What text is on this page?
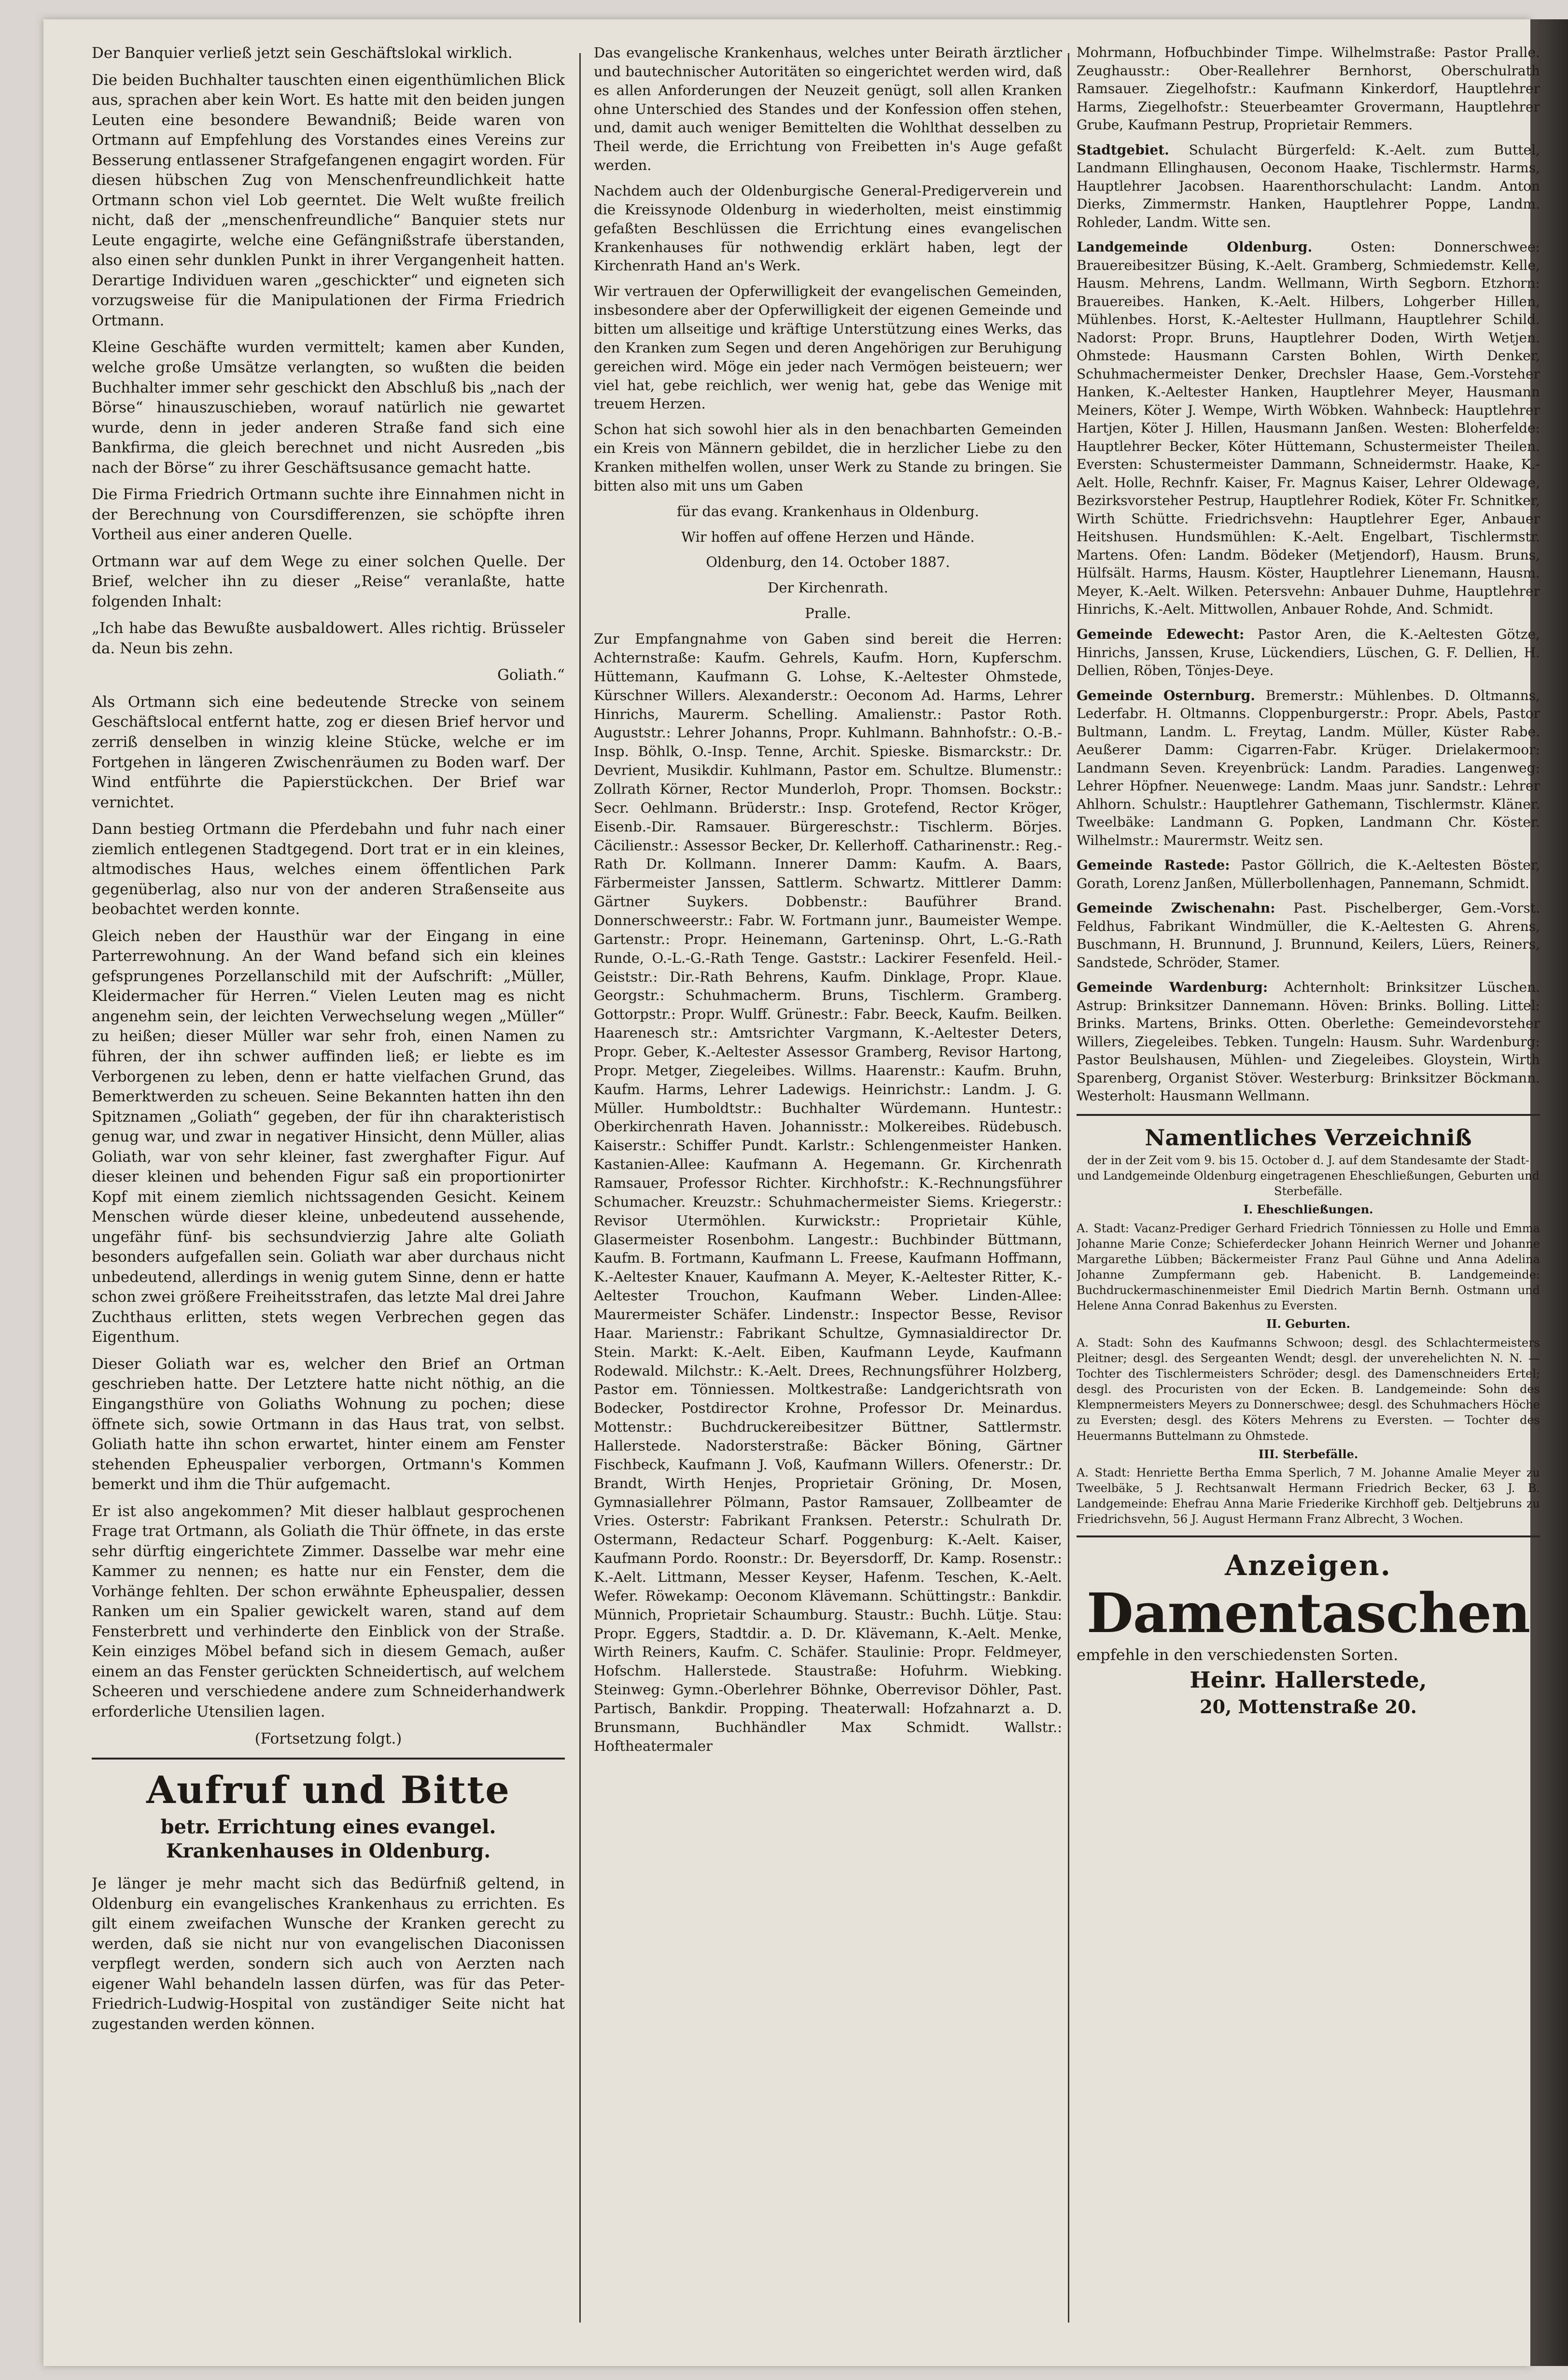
Der Banquier verließ jetzt sein Geschäftslokal wirklich.

Die beiden Buchhalter tauschten einen eigenthümlichen Blick aus, sprachen aber kein Wort. Es hatte mit den beiden jungen Leuten eine besondere Bewandniß; Beide waren von Ortmann auf Empfehlung des Vorstandes eines Vereins zur Besserung entlassener Strafgefangenen engagirt worden. Für diesen hübschen Zug von Menschenfreundlichkeit hatte Ortmann schon viel Lob geerntet. Die Welt wußte freilich nicht, daß der „menschenfreundliche“ Banquier stets nur Leute engagirte, welche eine Gefängnißstrafe überstanden, also einen sehr dunklen Punkt in ihrer Vergangenheit hatten. Derartige Individuen waren „geschickter“ und eigneten sich vorzugsweise für die Manipulationen der Firma Friedrich Ortmann.

Kleine Geschäfte wurden vermittelt; kamen aber Kunden, welche große Umsätze verlangten, so wußten die beiden Buchhalter immer sehr geschickt den Abschluß bis „nach der Börse“ hinauszuschieben, worauf natürlich nie gewartet wurde, denn in jeder anderen Straße fand sich eine Bankfirma, die gleich berechnet und nicht Ausreden „bis nach der Börse“ zu ihrer Geschäftsusance gemacht hatte.

Die Firma Friedrich Ortmann suchte ihre Einnahmen nicht in der Berechnung von Coursdifferenzen, sie schöpfte ihren Vortheil aus einer anderen Quelle.

Ortmann war auf dem Wege zu einer solchen Quelle. Der Brief, welcher ihn zu dieser „Reise“ veranlaßte, hatte folgenden Inhalt:

„Ich habe das Bewußte ausbaldowert. Alles richtig. Brüsseler da. Neun bis zehn.

Goliath.“

Als Ortmann sich eine bedeutende Strecke von seinem Geschäftslocal entfernt hatte, zog er diesen Brief hervor und zerriß denselben in winzig kleine Stücke, welche er im Fortgehen in längeren Zwischenräumen zu Boden warf. Der Wind entführte die Papierstückchen. Der Brief war vernichtet.

Dann bestieg Ortmann die Pferdebahn und fuhr nach einer ziemlich entlegenen Stadtgegend. Dort trat er in ein kleines, altmodisches Haus, welches einem öffentlichen Park gegenüberlag, also nur von der anderen Straßenseite aus beobachtet werden konnte.

Gleich neben der Hausthür war der Eingang in eine Parterrewohnung. An der Wand befand sich ein kleines gefsprungenes Porzellanschild mit der Aufschrift: „Müller, Kleidermacher für Herren.“ Vielen Leuten mag es nicht angenehm sein, der leichten Verwechselung wegen „Müller“ zu heißen; dieser Müller war sehr froh, einen Namen zu führen, der ihn schwer auffinden ließ; er liebte es im Verborgenen zu leben, denn er hatte vielfachen Grund, das Bemerktwerden zu scheuen. Seine Bekannten hatten ihn den Spitznamen „Goliath“ gegeben, der für ihn charakteristisch genug war, und zwar in negativer Hinsicht, denn Müller, alias Goliath, war von sehr kleiner, fast zwerghafter Figur. Auf dieser kleinen und behenden Figur saß ein proportionirter Kopf mit einem ziemlich nichtssagenden Gesicht. Keinem Menschen würde dieser kleine, unbedeutend aussehende, ungefähr fünf- bis sechsundvierzig Jahre alte Goliath besonders aufgefallen sein. Goliath war aber durchaus nicht unbedeutend, allerdings in wenig gutem Sinne, denn er hatte schon zwei größere Freiheitsstrafen, das letzte Mal drei Jahre Zuchthaus erlitten, stets wegen Verbrechen gegen das Eigenthum.

Dieser Goliath war es, welcher den Brief an Ortman geschrieben hatte. Der Letztere hatte nicht nöthig, an die Eingangsthüre von Goliaths Wohnung zu pochen; diese öffnete sich, sowie Ortmann in das Haus trat, von selbst. Goliath hatte ihn schon erwartet, hinter einem am Fenster stehenden Epheuspalier verborgen, Ortmann's Kommen bemerkt und ihm die Thür aufgemacht.

Er ist also angekommen? Mit dieser halblaut gesprochenen Frage trat Ortmann, als Goliath die Thür öffnete, in das erste sehr dürftig eingerichtete Zimmer. Dasselbe war mehr eine Kammer zu nennen; es hatte nur ein Fenster, dem die Vorhänge fehlten. Der schon erwähnte Epheuspalier, dessen Ranken um ein Spalier gewickelt waren, stand auf dem Fensterbrett und verhinderte den Einblick von der Straße. Kein einziges Möbel befand sich in diesem Gemach, außer einem an das Fenster gerückten Schneidertisch, auf welchem Scheeren und verschiedene andere zum Schneiderhandwerk erforderliche Utensilien lagen.

(Fortsetzung folgt.)

Aufruf und Bitte
betr. Errichtung eines evangel. Krankenhauses in Oldenburg.

Je länger je mehr macht sich das Bedürfniß geltend, in Oldenburg ein evangelisches Krankenhaus zu errichten. Es gilt einem zweifachen Wunsche der Kranken gerecht zu werden, daß sie nicht nur von evangelischen Diaconissen verpflegt werden, sondern sich auch von Aerzten nach eigener Wahl behandeln lassen dürfen, was für das Peter-Friedrich-Ludwig-Hospital von zuständiger Seite nicht hat zugestanden werden können.

Das evangelische Krankenhaus, welches unter Beirath ärztlicher und bautechnischer Autoritäten so eingerichtet werden wird, daß es allen Anforderungen der Neuzeit genügt, soll allen Kranken ohne Unterschied des Standes und der Konfession offen stehen, und, damit auch weniger Bemittelten die Wohlthat desselben zu Theil werde, die Errichtung von Freibetten in's Auge gefaßt werden.

Nachdem auch der Oldenburgische General-Predigerverein und die Kreissynode Oldenburg in wiederholten, meist einstimmig gefaßten Beschlüssen die Errichtung eines evangelischen Krankenhauses für nothwendig erklärt haben, legt der Kirchenrath Hand an's Werk.

Wir vertrauen der Opferwilligkeit der evangelischen Gemeinden, insbesondere aber der Opferwilligkeit der eigenen Gemeinde und bitten um allseitige und kräftige Unterstützung eines Werks, das den Kranken zum Segen und deren Angehörigen zur Beruhigung gereichen wird. Möge ein jeder nach Vermögen beisteuern; wer viel hat, gebe reichlich, wer wenig hat, gebe das Wenige mit treuem Herzen.

Schon hat sich sowohl hier als in den benachbarten Gemeinden ein Kreis von Männern gebildet, die in herzlicher Liebe zu den Kranken mithelfen wollen, unser Werk zu Stande zu bringen. Sie bitten also mit uns um Gaben

für das evang. Krankenhaus in Oldenburg.

Wir hoffen auf offene Herzen und Hände.

Oldenburg, den 14. October 1887.

Der Kirchenrath.

Pralle.

Zur Empfangnahme von Gaben sind bereit die Herren: Achternstraße: Kaufm. Gehrels, Kaufm. Horn, Kupferschm. Hüttemann, Kaufmann G. Lohse, K.-Aeltester Ohmstede, Kürschner Willers. Alexanderstr.: Oeconom Ad. Harms, Lehrer Hinrichs, Maurerm. Schelling. Amalienstr.: Pastor Roth. Auguststr.: Lehrer Johanns, Propr. Kuhlmann. Bahnhofstr.: O.-B.-Insp. Böhlk, O.-Insp. Tenne, Archit. Spieske. Bismarckstr.: Dr. Devrient, Musikdir. Kuhlmann, Pastor em. Schultze. Blumenstr.: Zollrath Körner, Rector Munderloh, Propr. Thomsen. Bockstr.: Secr. Oehlmann. Brüderstr.: Insp. Grotefend, Rector Kröger, Eisenb.-Dir. Ramsauer. Bürgereschstr.: Tischlerm. Börjes. Cäcilienstr.: Assessor Becker, Dr. Kellerhoff. Catharinenstr.: Reg.-Rath Dr. Kollmann. Innerer Damm: Kaufm. A. Baars, Färbermeister Janssen, Sattlerm. Schwartz. Mittlerer Damm: Gärtner Suykers. Dobbenstr.: Bauführer Brand. Donnerschweerstr.: Fabr. W. Fortmann junr., Baumeister Wempe. Gartenstr.: Propr. Heinemann, Garteninsp. Ohrt, L.-G.-Rath Runde, O.-L.-G.-Rath Tenge. Gaststr.: Lackirer Fesenfeld. Heil.-Geiststr.: Dir.-Rath Behrens, Kaufm. Dinklage, Propr. Klaue. Georgstr.: Schuhmacherm. Bruns, Tischlerm. Gramberg. Gottorpstr.: Propr. Wulff. Grünestr.: Fabr. Beeck, Kaufm. Beilken. Haarenesch str.: Amtsrichter Vargmann, K.-Aeltester Deters, Propr. Geber, K.-Aeltester Assessor Gramberg, Revisor Hartong, Propr. Metger, Ziegeleibes. Willms. Haarenstr.: Kaufm. Bruhn, Kaufm. Harms, Lehrer Ladewigs. Heinrichstr.: Landm. J. G. Müller. Humboldtstr.: Buchhalter Würdemann. Huntestr.: Oberkirchenrath Haven. Johannisstr.: Molkereibes. Rüdebusch. Kaiserstr.: Schiffer Pundt. Karlstr.: Schlengenmeister Hanken. Kastanien-Allee: Kaufmann A. Hegemann. Gr. Kirchenrath Ramsauer, Professor Richter. Kirchhofstr.: K.-Rechnungsführer Schumacher. Kreuzstr.: Schuhmachermeister Siems. Kriegerstr.: Revisor Utermöhlen. Kurwickstr.: Proprietair Kühle, Glasermeister Rosenbohm. Langestr.: Buchbinder Büttmann, Kaufm. B. Fortmann, Kaufmann L. Freese, Kaufmann Hoffmann, K.-Aeltester Knauer, Kaufmann A. Meyer, K.-Aeltester Ritter, K.-Aeltester Trouchon, Kaufmann Weber. Linden-Allee: Maurermeister Schäfer. Lindenstr.: Inspector Besse, Revisor Haar. Marienstr.: Fabrikant Schultze, Gymnasialdirector Dr. Stein. Markt: K.-Aelt. Eiben, Kaufmann Leyde, Kaufmann Rodewald. Milchstr.: K.-Aelt. Drees, Rechnungsführer Holzberg, Pastor em. Tönniessen. Moltkestraße: Landgerichtsrath von Bodecker, Postdirector Krohne, Professor Dr. Meinardus. Mottenstr.: Buchdruckereibesitzer Büttner, Sattlermstr. Hallerstede. Nadorsterstraße: Bäcker Böning, Gärtner Fischbeck, Kaufmann J. Voß, Kaufmann Willers. Ofenerstr.: Dr. Brandt, Wirth Henjes, Proprietair Gröning, Dr. Mosen, Gymnasiallehrer Pölmann, Pastor Ramsauer, Zollbeamter de Vries. Osterstr: Fabrikant Franksen. Peterstr.: Schulrath Dr. Ostermann, Redacteur Scharf. Poggenburg: K.-Aelt. Kaiser, Kaufmann Pordo. Roonstr.: Dr. Beyersdorff, Dr. Kamp. Rosenstr.: K.-Aelt. Littmann, Messer Keyser, Hafenm. Teschen, K.-Aelt. Wefer. Röwekamp: Oeconom Klävemann. Schüttingstr.: Bankdir. Münnich, Proprietair Schaumburg. Staustr.: Buchh. Lütje. Stau: Propr. Eggers, Stadtdir. a. D. Dr. Klävemann, K.-Aelt. Menke, Wirth Reiners, Kaufm. C. Schäfer. Staulinie: Propr. Feldmeyer, Hofschm. Hallerstede. Staustraße: Hofuhrm. Wiebking. Steinweg: Gymn.-Oberlehrer Böhnke, Oberrevisor Döhler, Past. Partisch, Bankdir. Propping. Theaterwall: Hofzahnarzt a. D. Brunsmann, Buchhändler Max Schmidt. Wallstr.: Hoftheatermaler

Mohrmann, Hofbuchbinder Timpe. Wilhelmstraße: Pastor Pralle. Zeughausstr.: Ober-Reallehrer Bernhorst, Oberschulrath Ramsauer. Ziegelhofstr.: Kaufmann Kinkerdorf, Hauptlehrer Harms, Ziegelhofstr.: Steuerbeamter Grovermann, Hauptlehrer Grube, Kaufmann Pestrup, Proprietair Remmers.

Stadtgebiet. Schulacht Bürgerfeld: K.-Aelt. zum Buttel, Landmann Ellinghausen, Oeconom Haake, Tischlermstr. Harms, Hauptlehrer Jacobsen. Haarenthorschulacht: Landm. Anton Dierks, Zimmermstr. Hanken, Hauptlehrer Poppe, Landm. Rohleder, Landm. Witte sen.

Landgemeinde Oldenburg.	Osten: Donnerschwee: Brauereibesitzer Büsing, K.-Aelt. Gramberg, Schmiedemstr. Kelle, Hausm. Mehrens, Landm. Wellmann, Wirth Segborn. Etzhorn: Brauereibes. Hanken, K.-Aelt. Hilbers, Lohgerber Hillen, Mühlenbes. Horst, K.-Aeltester Hullmann, Hauptlehrer Schild. Nadorst: Propr. Bruns, Hauptlehrer Doden, Wirth Wetjen. Ohmstede: Hausmann Carsten Bohlen, Wirth Denker, Schuhmachermeister Denker, Drechsler Haase, Gem.-Vorsteher Hanken, K.-Aeltester Hanken, Hauptlehrer Meyer, Hausmann Meiners, Köter J. Wempe, Wirth Wöbken. Wahnbeck: Hauptlehrer Hartjen, Köter J. Hillen, Hausmann Janßen. Westen: Bloherfelde: Hauptlehrer Becker, Köter Hüttemann, Schustermeister Theilen. Eversten: Schustermeister Dammann, Schneidermstr. Haake, K.-Aelt. Holle, Rechnfr. Kaiser, Fr. Magnus Kaiser, Lehrer Oldewage, Bezirksvorsteher Pestrup, Hauptlehrer Rodiek, Köter Fr. Schnitker, Wirth Schütte. Friedrichsvehn: Hauptlehrer Eger, Anbauer Heitshusen. Hundsmühlen: K.-Aelt. Engelbart, Tischlermstr. Martens. Ofen: Landm. Bödeker (Metjendorf), Hausm. Bruns, Hülfsält. Harms, Hausm. Köster, Hauptlehrer Lienemann, Hausm. Meyer, K.-Aelt. Wilken. Petersvehn: Anbauer Duhme, Hauptlehrer Hinrichs, K.-Aelt. Mittwollen, Anbauer Rohde, And. Schmidt.

Gemeinde Edewecht: Pastor Aren, die K.-Aeltesten Götze, Hinrichs, Janssen, Kruse, Lückendiers, Lüschen, G. F. Dellien, H. Dellien, Röben, Tönjes-Deye.

Gemeinde Osternburg. Bremerstr.: Mühlenbes. D. Oltmanns, Lederfabr. H. Oltmanns. Cloppenburgerstr.: Propr. Abels, Pastor Bultmann, Landm. L. Freytag, Landm. Müller, Küster Rabe. Aeußerer Damm: Cigarren-Fabr. Krüger. Drielakermoor: Landmann Seven. Kreyenbrück: Landm. Paradies. Langenweg: Lehrer Höpfner. Neuenwege: Landm. Maas junr. Sandstr.: Lehrer Ahlhorn. Schulstr.: Hauptlehrer Gathemann, Tischlermstr. Kläner. Tweelbäke: Landmann G. Popken, Landmann Chr. Köster. Wilhelmstr.: Maurermstr. Weitz sen.

Gemeinde Rastede: Pastor Göllrich, die K.-Aeltesten Böster, Gorath, Lorenz Janßen, Müllerbollenhagen, Pannemann, Schmidt.

Gemeinde Zwischenahn: Past. Pischelberger, Gem.-Vorst. Feldhus, Fabrikant Windmüller, die K.-Aeltesten G. Ahrens, Buschmann, H. Brunnund, J. Brunnund, Keilers, Lüers, Reiners, Sandstede, Schröder, Stamer.

Gemeinde Wardenburg: Achternholt: Brinksitzer Lüschen. Astrup: Brinksitzer Dannemann. Höven: Brinks. Bolling. Littel: Brinks. Martens, Brinks. Otten. Oberlethe: Gemeindevorsteher Willers, Ziegeleibes. Tebken. Tungeln: Hausm. Suhr. Wardenburg: Pastor Beulshausen, Mühlen- und Ziegeleibes. Gloystein, Wirth Sparenberg, Organist Stöver. Westerburg: Brinksitzer Böckmann. Westerholt: Hausmann Wellmann.

Namentliches Verzeichniß

der in der Zeit vom 9. bis 15. October d. J. auf dem Standesamte der Stadt- und Landgemeinde Oldenburg eingetragenen Eheschließungen, Geburten und Sterbefälle.

I. Eheschließungen.

A. Stadt: Vacanz-Prediger Gerhard Friedrich Tönniessen zu Holle und Emma Johanne Marie Conze; Schieferdecker Johann Heinrich Werner und Johanne Margarethe Lübben; Bäckermeister Franz Paul Gühne und Anna Adelina Johanne Zumpfermann geb. Habenicht. B. Landgemeinde: Buchdruckermaschinenmeister Emil Diedrich Martin Bernh. Ostmann und Helene Anna Conrad Bakenhus zu Eversten.

II. Geburten.

A. Stadt: Sohn des Kaufmanns Schwoon; desgl. des Schlachtermeisters Pleitner; desgl. des Sergeanten Wendt; desgl. der unverehelichten N. N. — Tochter des Tischlermeisters Schröder; desgl. des Damenschneiders Ertel; desgl. des Procuristen von der Ecken. B. Landgemeinde: Sohn des Klempnermeisters Meyers zu Donnerschwee; desgl. des Schuhmachers Höche zu Eversten; desgl. des Köters Mehrens zu Eversten. — Tochter des Heuermanns Buttelmann zu Ohmstede.

III. Sterbefälle.

A. Stadt: Henriette Bertha Emma Sperlich, 7 M. Johanne Amalie Meyer zu Tweelbäke, 5 J. Rechtsanwalt Hermann Friedrich Becker, 63 J. B. Landgemeinde: Ehefrau Anna Marie Friederike Kirchhoff geb. Deltjebruns zu Friedrichsvehn, 56 J. August Hermann Franz Albrecht, 3 Wochen.

Anzeigen.
Damentaschen
empfehle in den verschiedensten Sorten.
Heinr. Hallerstede,
20, Mottenstraße 20.
